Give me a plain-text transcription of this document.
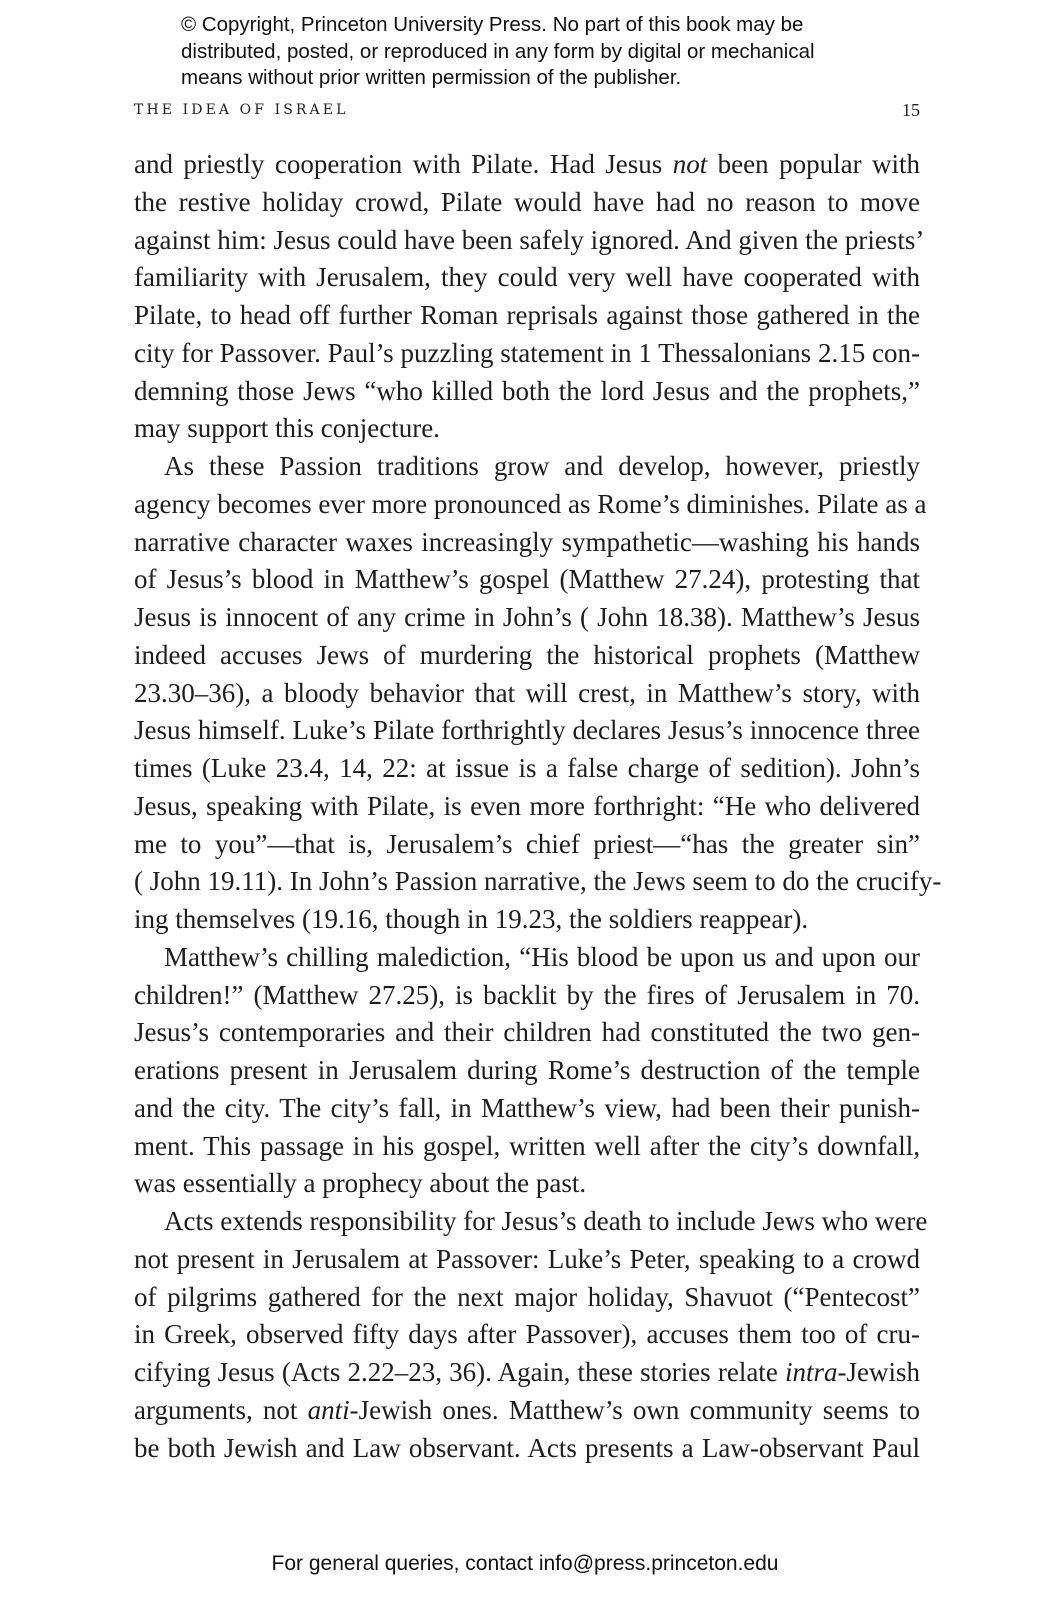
© Copyright, Princeton University Press. No part of this book may be
distributed, posted, or reproduced in any form by digital or mechanical
means without prior written permission of the publisher.
THE IDEA OF ISRAEL	15
and priestly cooperation with Pilate. Had Jesus not been popular with
the restive holiday crowd, Pilate would have had no reason to move
against him: Jesus could have been safely ignored. And given the priests’
familiarity with Jerusalem, they could very well have cooperated with
Pilate, to head off further Roman reprisals against those gathered in the
city for Passover. Paul’s puzzling statement in 1 Thessalonians 2.15 con-
demning those Jews “who killed both the lord Jesus and the prophets,”
may support this conjecture.
As these Passion traditions grow and develop, however, priestly
agency becomes ever more pronounced as Rome’s diminishes. Pilate as a
narrative character waxes increasingly sympathetic—washing his hands
of Jesus’s blood in Matthew’s gospel (Matthew 27.24), protesting that
Jesus is innocent of any crime in John’s ( John 18.38). Matthew’s Jesus
indeed accuses Jews of murdering the historical prophets (Matthew
23.30–36), a bloody behavior that will crest, in Matthew’s story, with
Jesus himself. Luke’s Pilate forthrightly declares Jesus’s innocence three
times (Luke 23.4, 14, 22: at issue is a false charge of sedition). John’s
Jesus, speaking with Pilate, is even more forthright: “He who delivered
me to you”—that is, Jerusalem’s chief priest—“has the greater sin”
( John 19.11). In John’s Passion narrative, the Jews seem to do the crucify-
ing themselves (19.16, though in 19.23, the soldiers reappear).
Matthew’s chilling malediction, “His blood be upon us and upon our
children!” (Matthew 27.25), is backlit by the fires of Jerusalem in 70.
Jesus’s contemporaries and their children had constituted the two gen-
erations present in Jerusalem during Rome’s destruction of the temple
and the city. The city’s fall, in Matthew’s view, had been their punish-
ment. This passage in his gospel, written well after the city’s downfall,
was essentially a prophecy about the past.
Acts extends responsibility for Jesus’s death to include Jews who were
not present in Jerusalem at Passover: Luke’s Peter, speaking to a crowd
of pilgrims gathered for the next major holiday, Shavuot (“Pentecost”
in Greek, observed fifty days after Passover), accuses them too of cru-
cifying Jesus (Acts 2.22–23, 36). Again, these stories relate intra-Jewish
arguments, not anti-Jewish ones. Matthew’s own community seems to
be both Jewish and Law observant. Acts presents a Law-observant Paul
For general queries, contact info@press.princeton.edu
